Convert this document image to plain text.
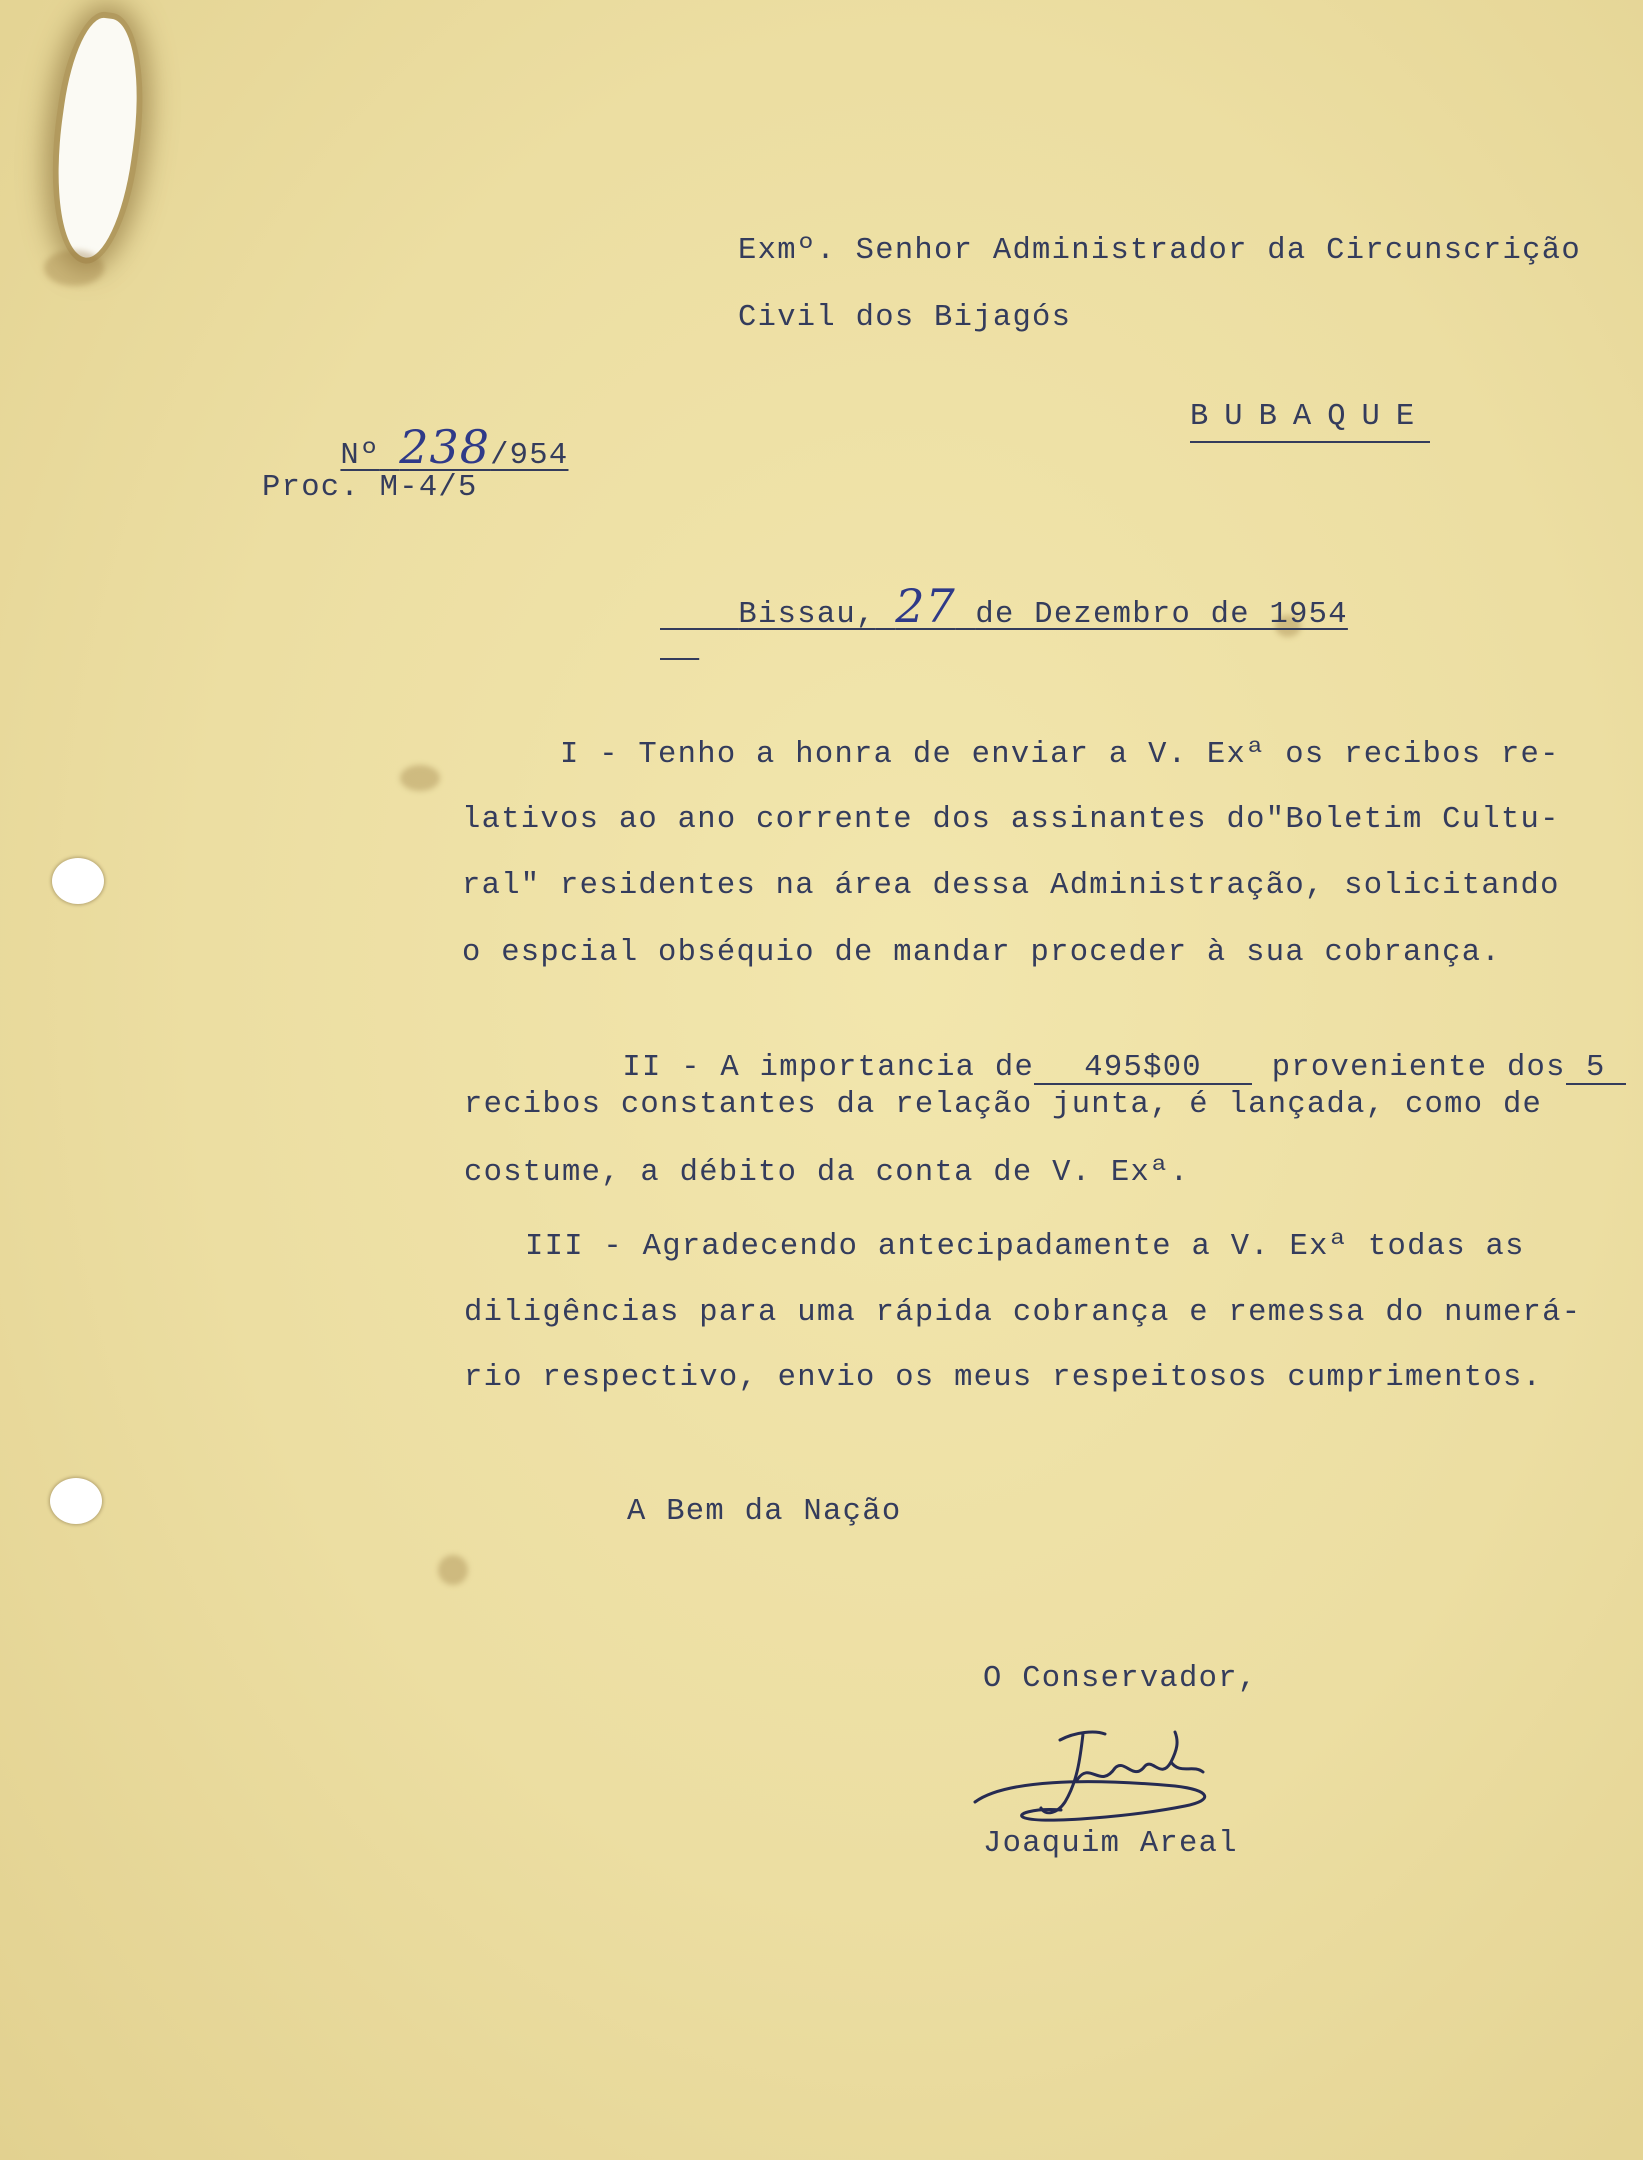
Exmº. Senhor Administrador da Circunscrição

Civil dos Bijagós

Nº 238/954

BUBAQUE

Proc. M-4/5

Bissau, 27 de Dezembro de 1954

I - Tenho a honra de enviar a V. Exª os recibos re-

lativos ao ano corrente dos assinantes do"Boletim Cultu-

ral" residentes na área dessa Administração, solicitando

o espcial obséquio de mandar proceder à sua cobrança.

II - A importancia de 495$00 proveniente dos 5

recibos constantes da relação junta, é lançada, como de

costume, a débito da conta de V. Exª.

III - Agradecendo antecipadamente a V. Exª todas as

diligências para uma rápida cobrança e remessa do numerá-

rio respectivo, envio os meus respeitosos cumprimentos.

A Bem da Nação

O Conservador,

Joaquim Areal
